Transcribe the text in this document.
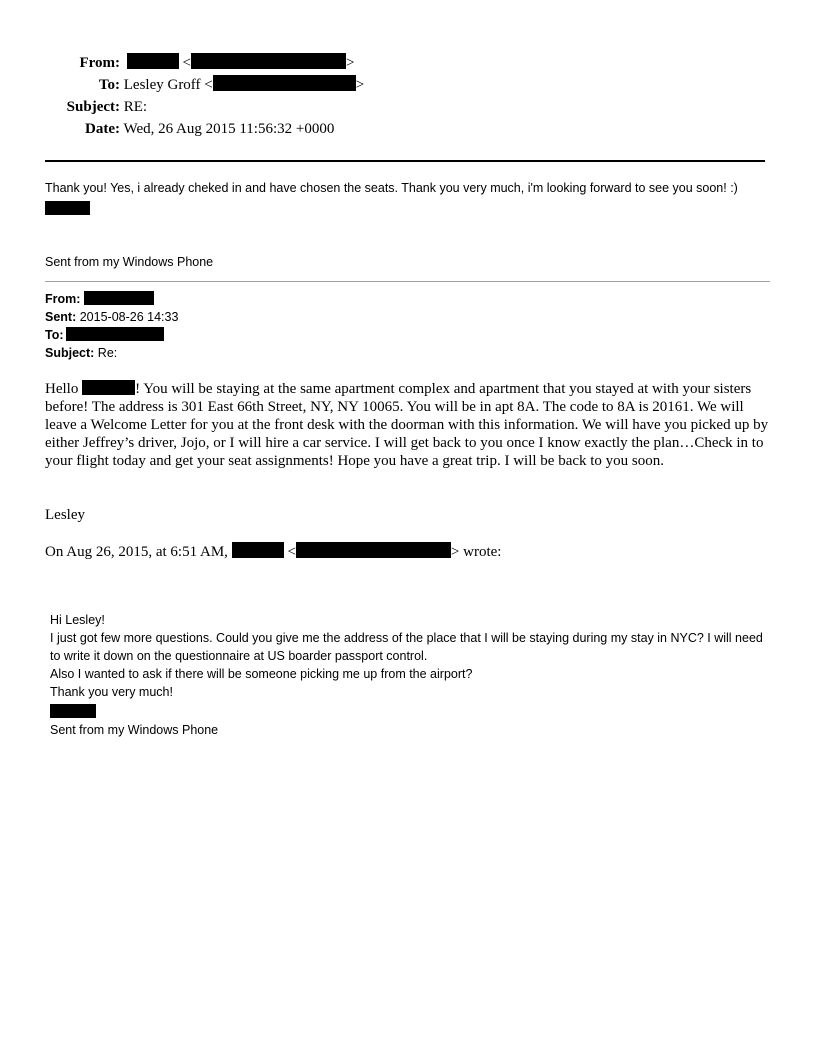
From:	<	>
To: Lesley Groff <	>
Subject: RE:
Date: Wed, 26 Aug 2015 11:56:32 +0000

Thank you! Yes, i already cheked in and have chosen the seats. Thank you very much, i'm looking forward to see you soon! :)

Sent from my Windows Phone
From:
Sent: 2015-08-26 14:33
To:
Subject: Re:

Hello	! You will be staying at the same apartment complex and apartment that you stayed at with your sisters before! The address is 301 East 66th Street, NY, NY 10065. You will be in apt 8A. The code to 8A is 20161. We will leave a Welcome Letter for you at the front desk with the doorman with this information. We will have you picked up by either Jeffrey’s driver, Jojo, or I will hire a car service. I will get back to you once I know exactly the plan…Check in to your flight today and get your seat assignments! Hope you have a great trip. I will be back to you soon.

Lesley
On Aug 26, 2015, at 6:51 AM,	<	> wrote:

Hi Lesley!

I just got few more questions. Could you give me the address of the place that I will be staying during my stay in NYC? I will need to write it down on the questionnaire at US boarder passport control.

Also I wanted to ask if there will be someone picking me up from the airport?

Thank you very much!

Sent from my Windows Phone
